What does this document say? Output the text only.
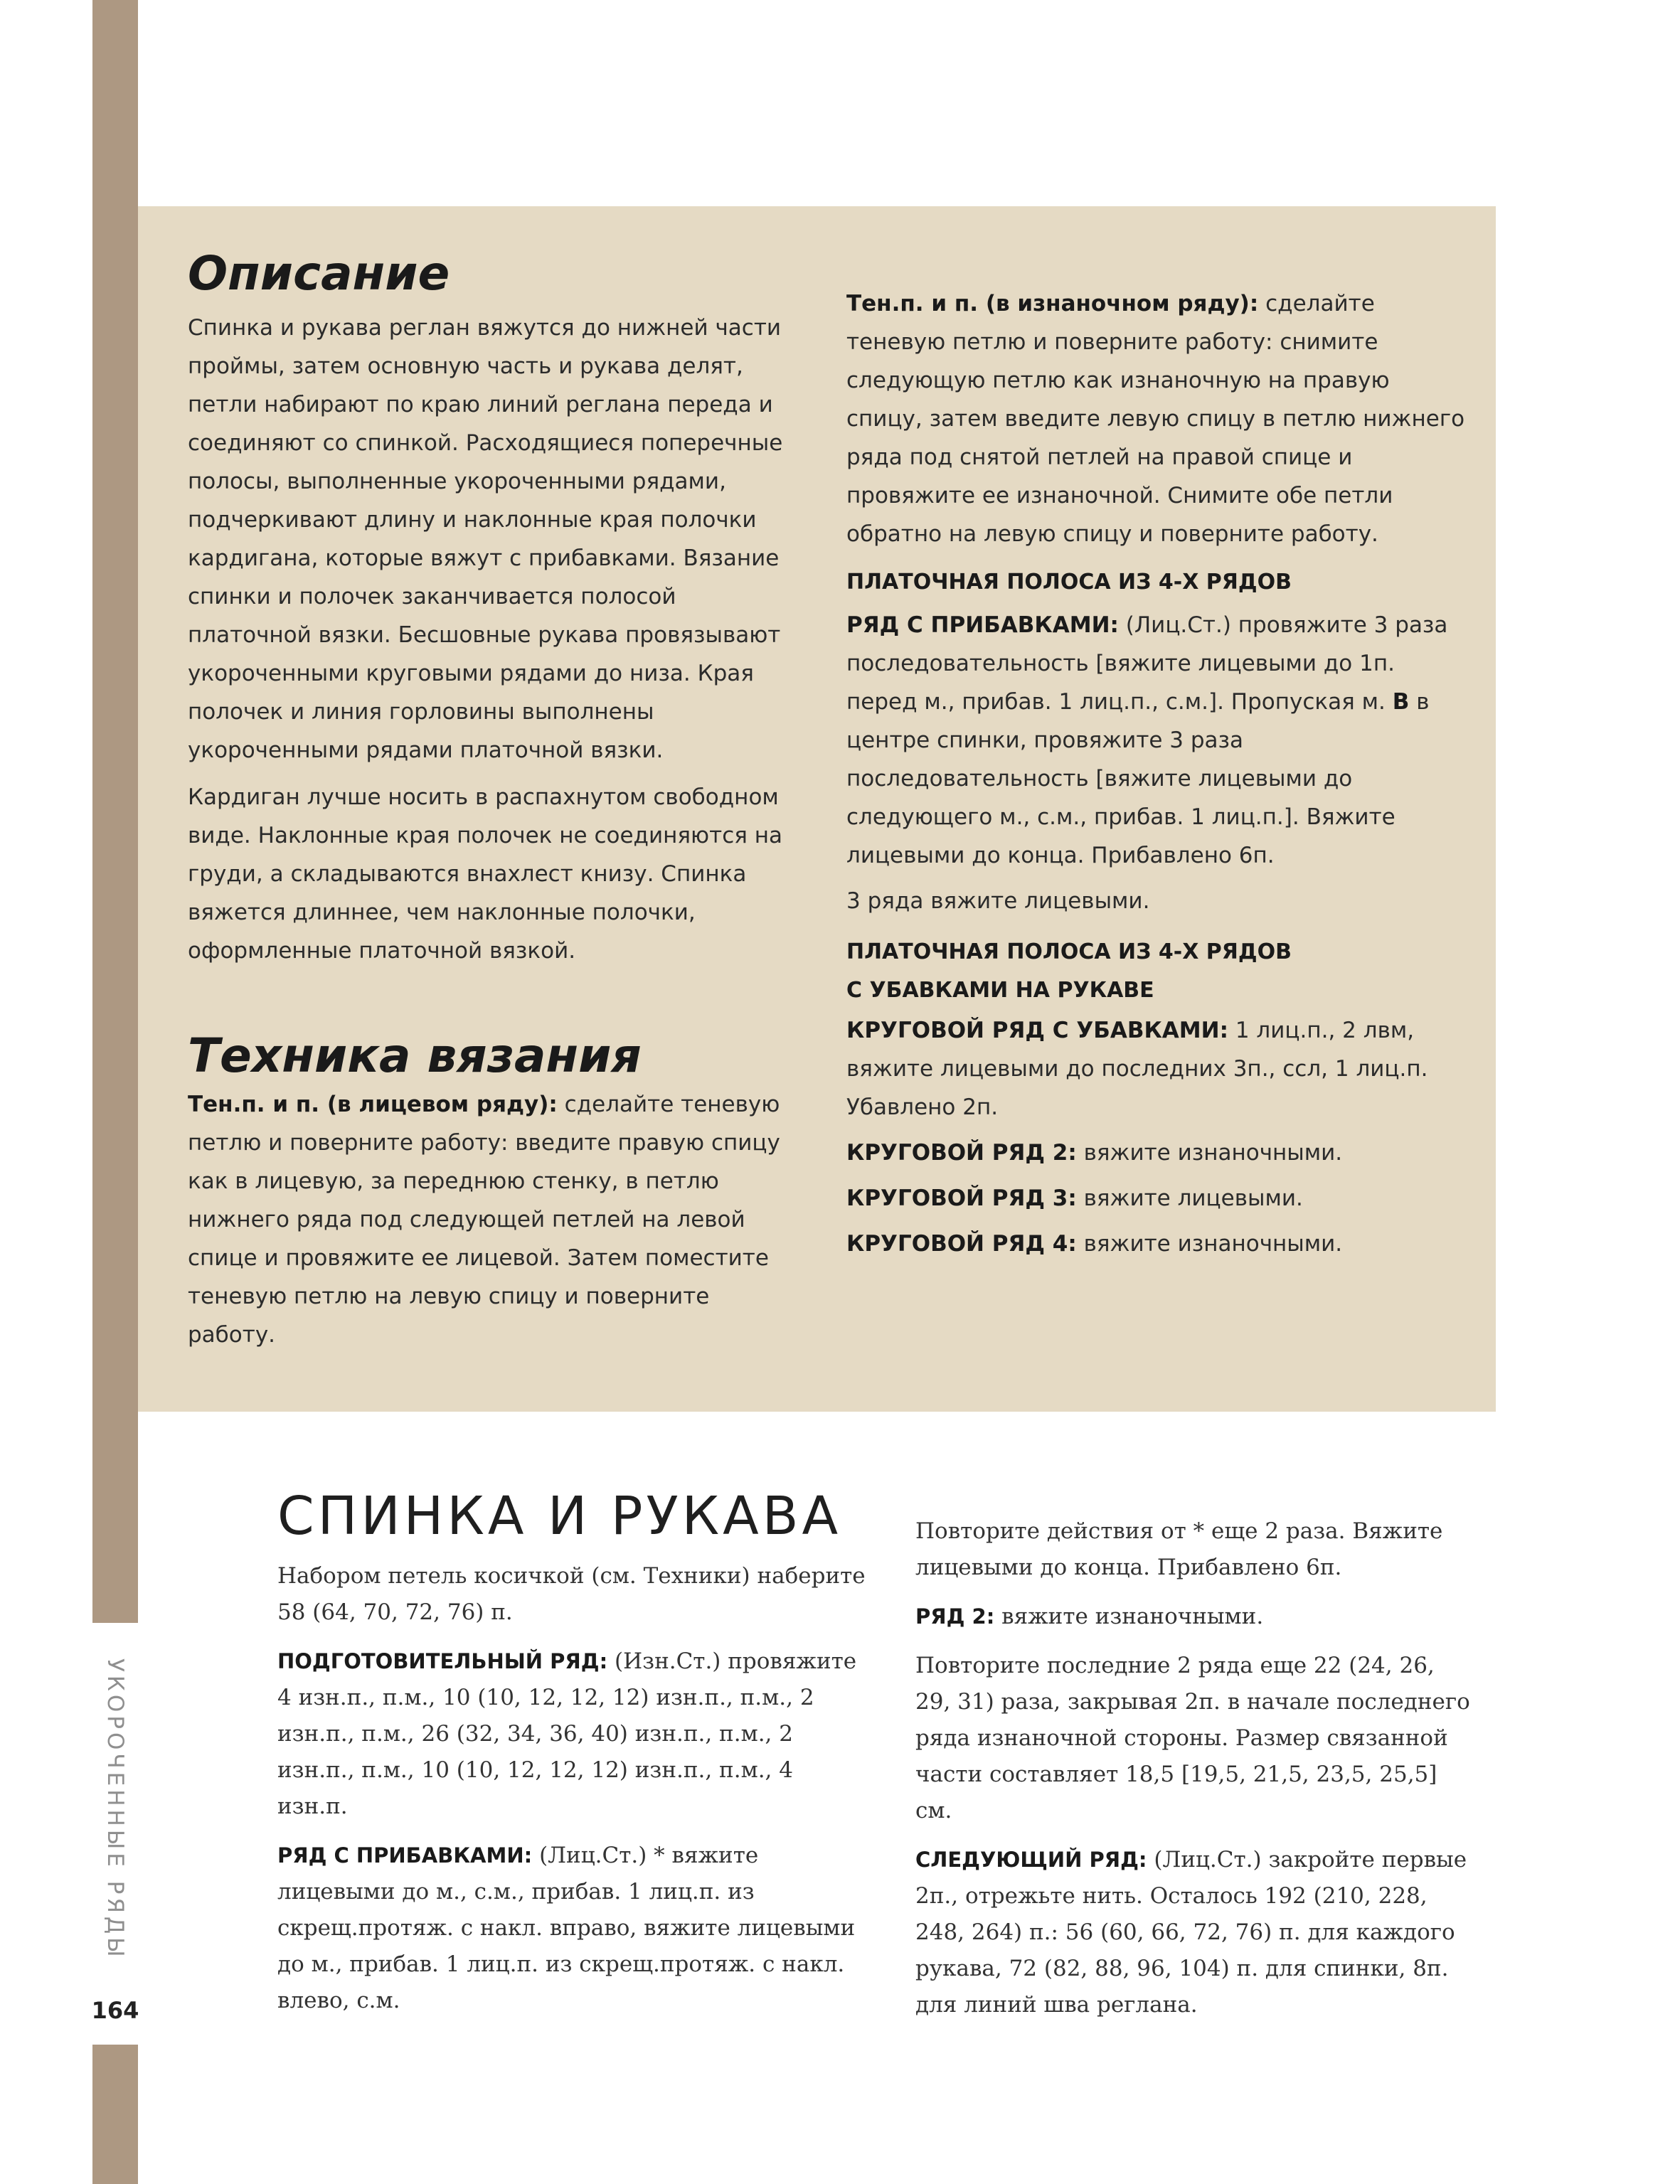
УКОРОЧЕННЫЕ РЯДЫ
164
Описание

Спинка и рукава реглан вяжутся до нижней части проймы, затем основную часть и рукава делят, петли набирают по краю линий реглана переда и соединяют со спинкой. Расходящиеся поперечные полосы, выполненные укороченными рядами, подчеркивают длину и наклонные края полочки кардигана, которые вяжут с прибавками. Вязание спинки и полочек заканчивается полосой платочной вязки. Бесшовные рукава провязывают укороченными круговыми рядами до низа. Края полочек и линия горловины выполнены укороченными рядами платочной вязки.

Кардиган лучше носить в распахнутом свободном виде. Наклонные края полочек не соединяются на груди, а складываются внахлест книзу. Спинка вяжется длиннее, чем наклонные полочки, оформленные платочной вязкой.

Техника вязания

Тен.п. и п. (в лицевом ряду): сделайте теневую петлю и поверните работу: введите правую спицу как в лицевую, за переднюю стенку, в петлю нижнего ряда под следующей петлей на левой спице и провяжите ее лицевой. Затем поместите теневую петлю на левую спицу и поверните работу.

Тен.п. и п. (в изнаночном ряду): сделайте теневую петлю и поверните работу: снимите следующую петлю как изнаночную на правую спицу, затем введите левую спицу в петлю нижнего ряда под снятой петлей на правой спице и провяжите ее изнаночной. Снимите обе петли обратно на левую спицу и поверните работу.

ПЛАТОЧНАЯ ПОЛОСА ИЗ 4-Х РЯДОВ

РЯД С ПРИБАВКАМИ: (Лиц.Ст.) провяжите 3 раза последовательность [вяжите лицевыми до 1п. перед м., прибав. 1 лиц.п., с.м.]. Пропуская м. B в центре спинки, провяжите 3 раза последовательность [вяжите лицевыми до следующего м., с.м., прибав. 1 лиц.п.]. Вяжите лицевыми до конца. Прибавлено 6п.

3 ряда вяжите лицевыми.

ПЛАТОЧНАЯ ПОЛОСА ИЗ 4-Х РЯДОВ

С УБАВКАМИ НА РУКАВЕ

КРУГОВОЙ РЯД С УБАВКАМИ: 1 лиц.п., 2 лвм, вяжите лицевыми до последних 3п., ссл, 1 лиц.п. Убавлено 2п.

КРУГОВОЙ РЯД 2: вяжите изнаночными.

КРУГОВОЙ РЯД 3: вяжите лицевыми.

КРУГОВОЙ РЯД 4: вяжите изнаночными.

СПИНКА И РУКАВА

Набором петель косичкой (см. Техники) наберите 58 (64, 70, 72, 76) п.

ПОДГОТОВИТЕЛЬНЫЙ РЯД: (Изн.Ст.) провяжите 4 изн.п., п.м., 10 (10, 12, 12, 12) изн.п., п.м., 2 изн.п., п.м., 26 (32, 34, 36, 40) изн.п., п.м., 2 изн.п., п.м., 10 (10, 12, 12, 12) изн.п., п.м., 4 изн.п.

РЯД С ПРИБАВКАМИ: (Лиц.Ст.) * вяжите лицевыми до м., с.м., прибав. 1 лиц.п. из скрещ.протяж. с накл. вправо, вяжите лицевыми до м., прибав. 1 лиц.п. из скрещ.протяж. с накл. влево, с.м.

Повторите действия от * еще 2 раза. Вяжите лицевыми до конца. Прибавлено 6п.

РЯД 2: вяжите изнаночными.

Повторите последние 2 ряда еще 22 (24, 26, 29, 31) раза, закрывая 2п. в начале последнего ряда изнаночной стороны. Размер связанной части составляет 18,5 [19,5, 21,5, 23,5, 25,5] см.

СЛЕДУЮЩИЙ РЯД: (Лиц.Ст.) закройте первые 2п., отрежьте нить. Осталось 192 (210, 228, 248, 264) п.: 56 (60, 66, 72, 76) п. для каждого рукава, 72 (82, 88, 96, 104) п. для спинки, 8п. для линий шва реглана.
